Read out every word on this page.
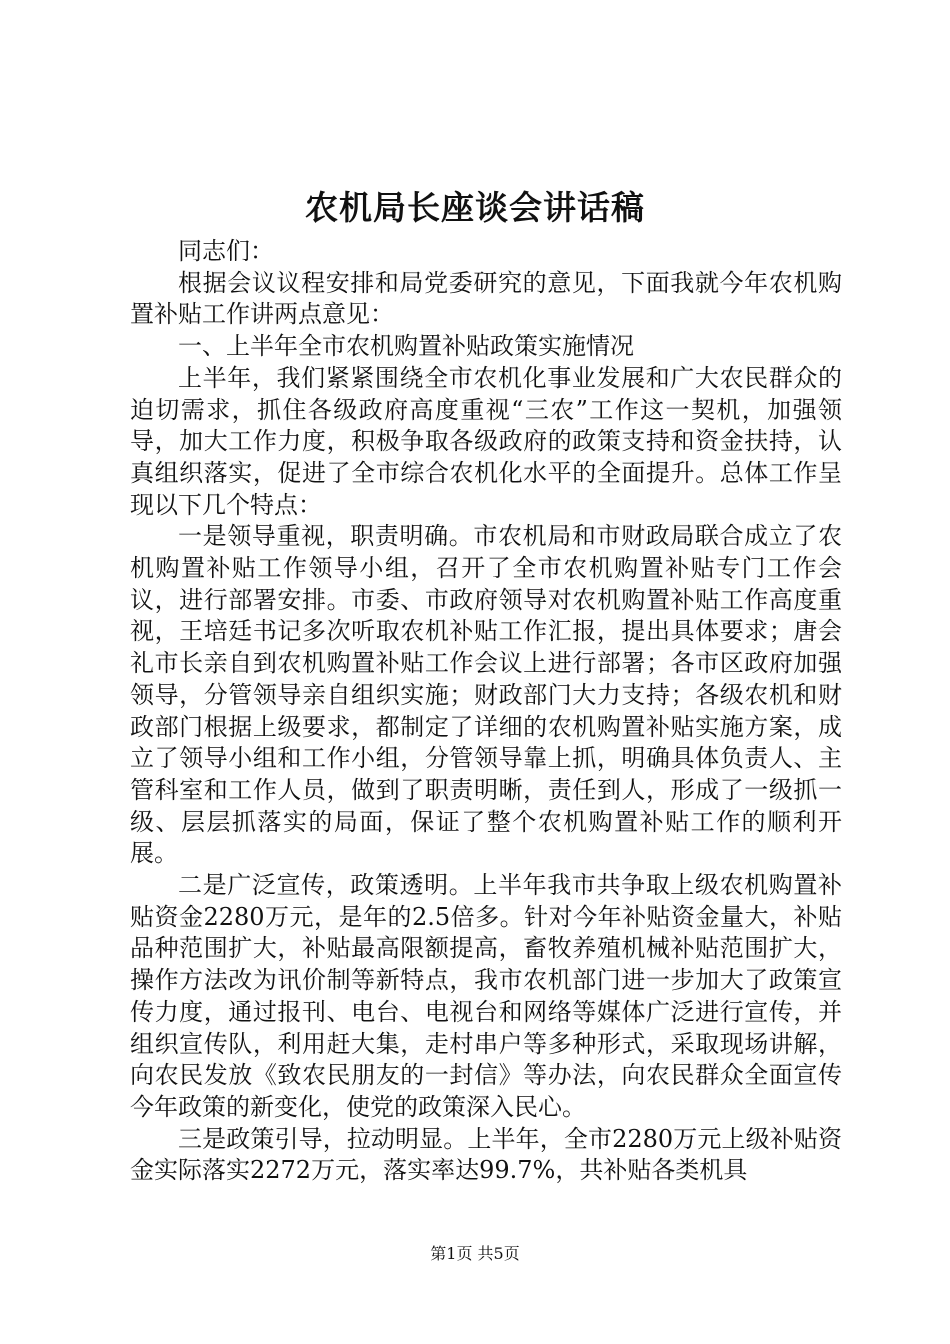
农机局长座谈会讲话稿

同志们：

根据会议议程安排和局党委研究的意见，下面我就今年农机购置补贴工作讲两点意见：

一、上半年全市农机购置补贴政策实施情况

上半年，我们紧紧围绕全市农机化事业发展和广大农民群众的迫切需求，抓住各级政府高度重视“三农”工作这一契机，加强领导，加大工作力度，积极争取各级政府的政策支持和资金扶持，认真组织落实，促进了全市综合农机化水平的全面提升。总体工作呈现以下几个特点：

一是领导重视，职责明确。市农机局和市财政局联合成立了农机购置补贴工作领导小组，召开了全市农机购置补贴专门工作会议，进行部署安排。市委、市政府领导对农机购置补贴工作高度重视，王培廷书记多次听取农机补贴工作汇报，提出具体要求；唐会礼市长亲自到农机购置补贴工作会议上进行部署；各市区政府加强领导，分管领导亲自组织实施；财政部门大力支持；各级农机和财政部门根据上级要求，都制定了详细的农机购置补贴实施方案，成立了领导小组和工作小组，分管领导靠上抓，明确具体负责人、主管科室和工作人员，做到了职责明晰，责任到人，形成了一级抓一级、层层抓落实的局面，保证了整个农机购置补贴工作的顺利开展。

二是广泛宣传，政策透明。上半年我市共争取上级农机购置补贴资金2280万元，是年的2.5倍多。针对今年补贴资金量大，补贴品种范围扩大，补贴最高限额提高，畜牧养殖机械补贴范围扩大，操作方法改为讯价制等新特点，我市农机部门进一步加大了政策宣传力度，通过报刊、电台、电视台和网络等媒体广泛进行宣传，并组织宣传队，利用赶大集，走村串户等多种形式，采取现场讲解，向农民发放《致农民朋友的一封信》等办法，向农民群众全面宣传今年政策的新变化，使党的政策深入民心。

三是政策引导，拉动明显。上半年，全市2280万元上级补贴资金实际落实2272万元，落实率达99.7%，共补贴各类机具

第1页 共5页
